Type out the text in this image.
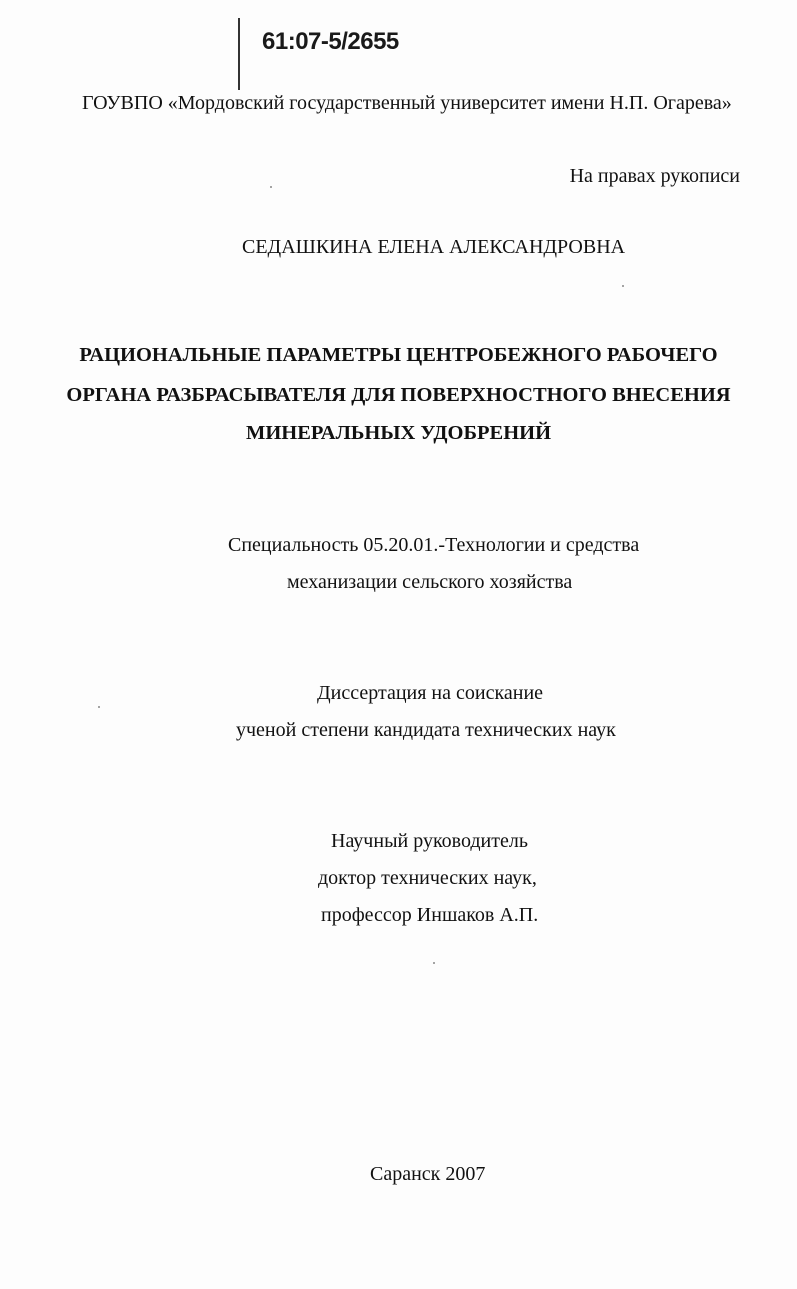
61:07-5/2655
ГОУВПО «Мордовский государственный университет имени Н.П. Огарева»
На правах рукописи
СЕДАШКИНА ЕЛЕНА АЛЕКСАНДРОВНА
РАЦИОНАЛЬНЫЕ ПАРАМЕТРЫ ЦЕНТРОБЕЖНОГО РАБОЧЕГО
ОРГАНА РАЗБРАСЫВАТЕЛЯ ДЛЯ ПОВЕРХНОСТНОГО ВНЕСЕНИЯ
МИНЕРАЛЬНЫХ УДОБРЕНИЙ
Специальность 05.20.01.-Технологии и средства
механизации сельского хозяйства
Диссертация на соискание
ученой степени кандидата технических наук
Научный руководитель
доктор технических наук,
профессор Иншаков А.П.
Саранск 2007
